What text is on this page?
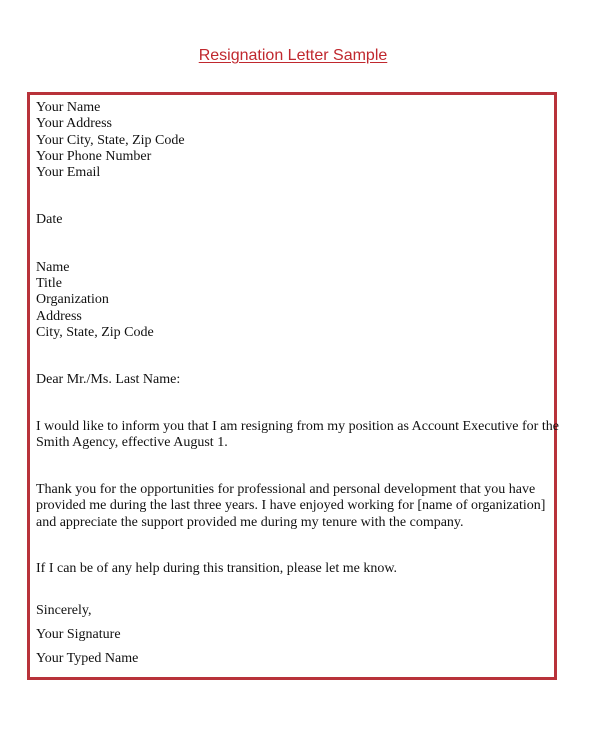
Resignation Letter Sample
Your Name
Your Address
Your City, State, Zip Code
Your Phone Number
Your Email
Date
Name
Title
Organization
Address
City, State, Zip Code
Dear Mr./Ms. Last Name:
I would like to inform you that I am resigning from my position as Account Executive for the
Smith Agency, effective August 1.
Thank you for the opportunities for professional and personal development that you have
provided me during the last three years. I have enjoyed working for [name of organization]
and appreciate the support provided me during my tenure with the company.
If I can be of any help during this transition, please let me know.
Sincerely,
Your Signature
Your Typed Name
